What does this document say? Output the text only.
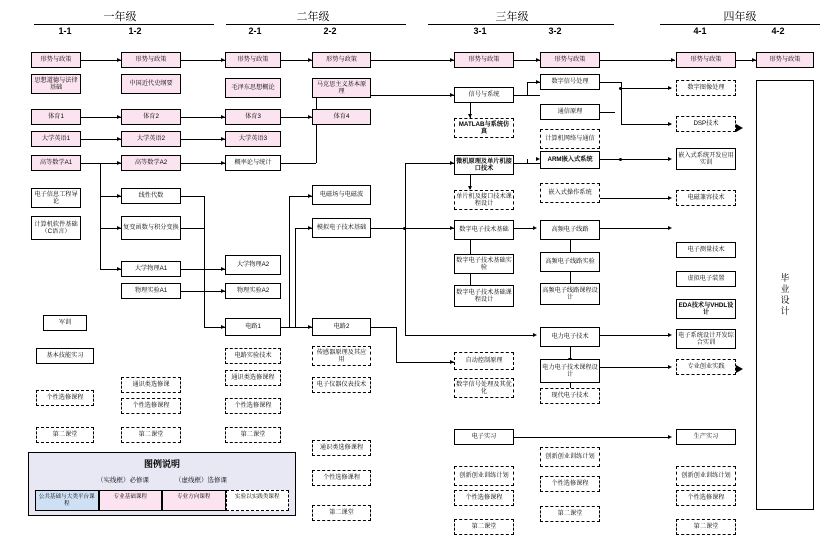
一年级	二年级	三年级	四年级
1-1	1-2	2-1	2-2	3-1	3-2	4-1	4-2
形势与政策
思想道德与法律基础
体育1
大学英语1
高等数学A1
电子信息工程导论
计算机软件基础（C语言）
军训
基本技能实习
个性选修课程
第二课堂
形势与政策
中国近代史纲要
体育2
大学英语2
高等数学A2
线性代数
复变函数与积分变换
大学物理A1
物理实验A1
通识类选修课
个性选修课程
第二课堂
形势与政策
毛泽东思想概论
体育3
大学英语3
概率论与统计
大学物理A2
物理实验A2
电路1
电路实验技术
通识类选修课程
个性选修课程
第二课堂
形势与政策
马克思主义基本原理
体育4
电磁场与电磁波
模拟电子技术基础
电路2
传感器原理及其应用
电子仪器仪表技术
通识类选修课程
个性选修课程
第二课堂
形势与政策
信号与系统
MATLAB与系统仿真
微机原理及单片机接口技术
单片机及接口技术课程设计
数字电子技术基础
数字电子技术基础实验
数字电子技术基础课程设计
自动控制原理
数字信号处理及其优化
电子实习
创新创业训练计划
个性选修课程
第二课堂
形势与政策
数字信号处理
通信原理
计算机网络与通信
ARM嵌入式系统
嵌入式操作系统
高频电子线路
高频电子线路实验
高频电子线路课程设计
电力电子技术
电力电子技术课程设计
现代电子技术
创新创业训练计划
个性选修课程
第二课堂
形势与政策
数字图像处理
DSP技术
嵌入式系统开发应用实训
电磁兼容技术
电子测量技术
虚拟电子装置
EDA技术与VHDL设计
电子系统设计开发综合实训
专业创业实践
生产实习
创新创业训练计划
个性选修课程
第二课堂
形势与政策
毕业设计
图例说明
（实线框）必修课	（虚线框）选修课
公共基础与大类平台课程
专业基础课程	专业方向课程	实验以实践类课程
